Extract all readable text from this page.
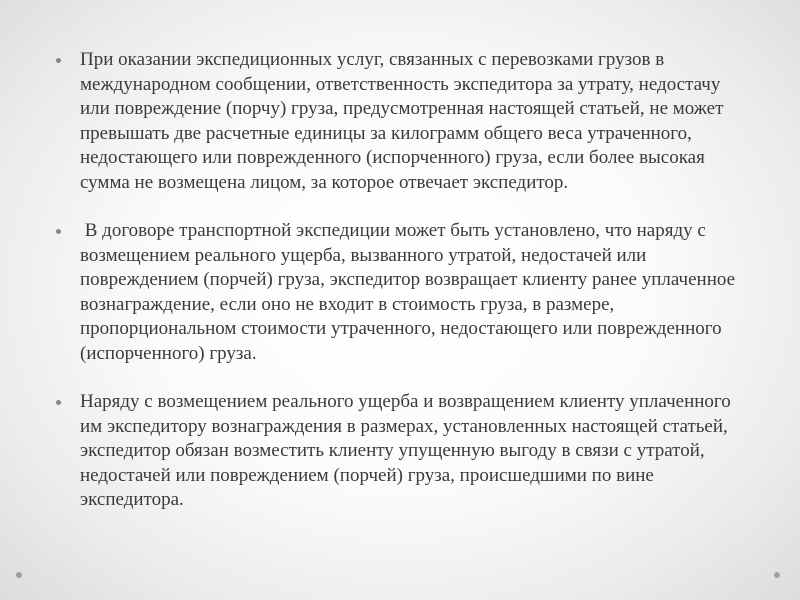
При оказании экспедиционных услуг, связанных с перевозками грузов в международном сообщении, ответственность экспедитора за утрату, недостачу или повреждение (порчу) груза, предусмотренная настоящей статьей, не может превышать две расчетные единицы за килограмм общего веса утраченного, недостающего или поврежденного (испорченного) груза, если более высокая сумма не возмещена лицом, за которое отвечает экспедитор.
В договоре транспортной экспедиции может быть установлено, что наряду с возмещением реального ущерба, вызванного утратой, недостачей или повреждением (порчей) груза, экспедитор возвращает клиенту ранее уплаченное вознаграждение, если оно не входит в стоимость груза, в размере, пропорциональном стоимости утраченного, недостающего или поврежденного (испорченного) груза.
Наряду с возмещением реального ущерба и возвращением клиенту уплаченного им экспедитору вознаграждения в размерах, установленных настоящей статьей, экспедитор обязан возместить клиенту упущенную выгоду в связи с утратой, недостачей или повреждением (порчей) груза, происшедшими по вине экспедитора.
